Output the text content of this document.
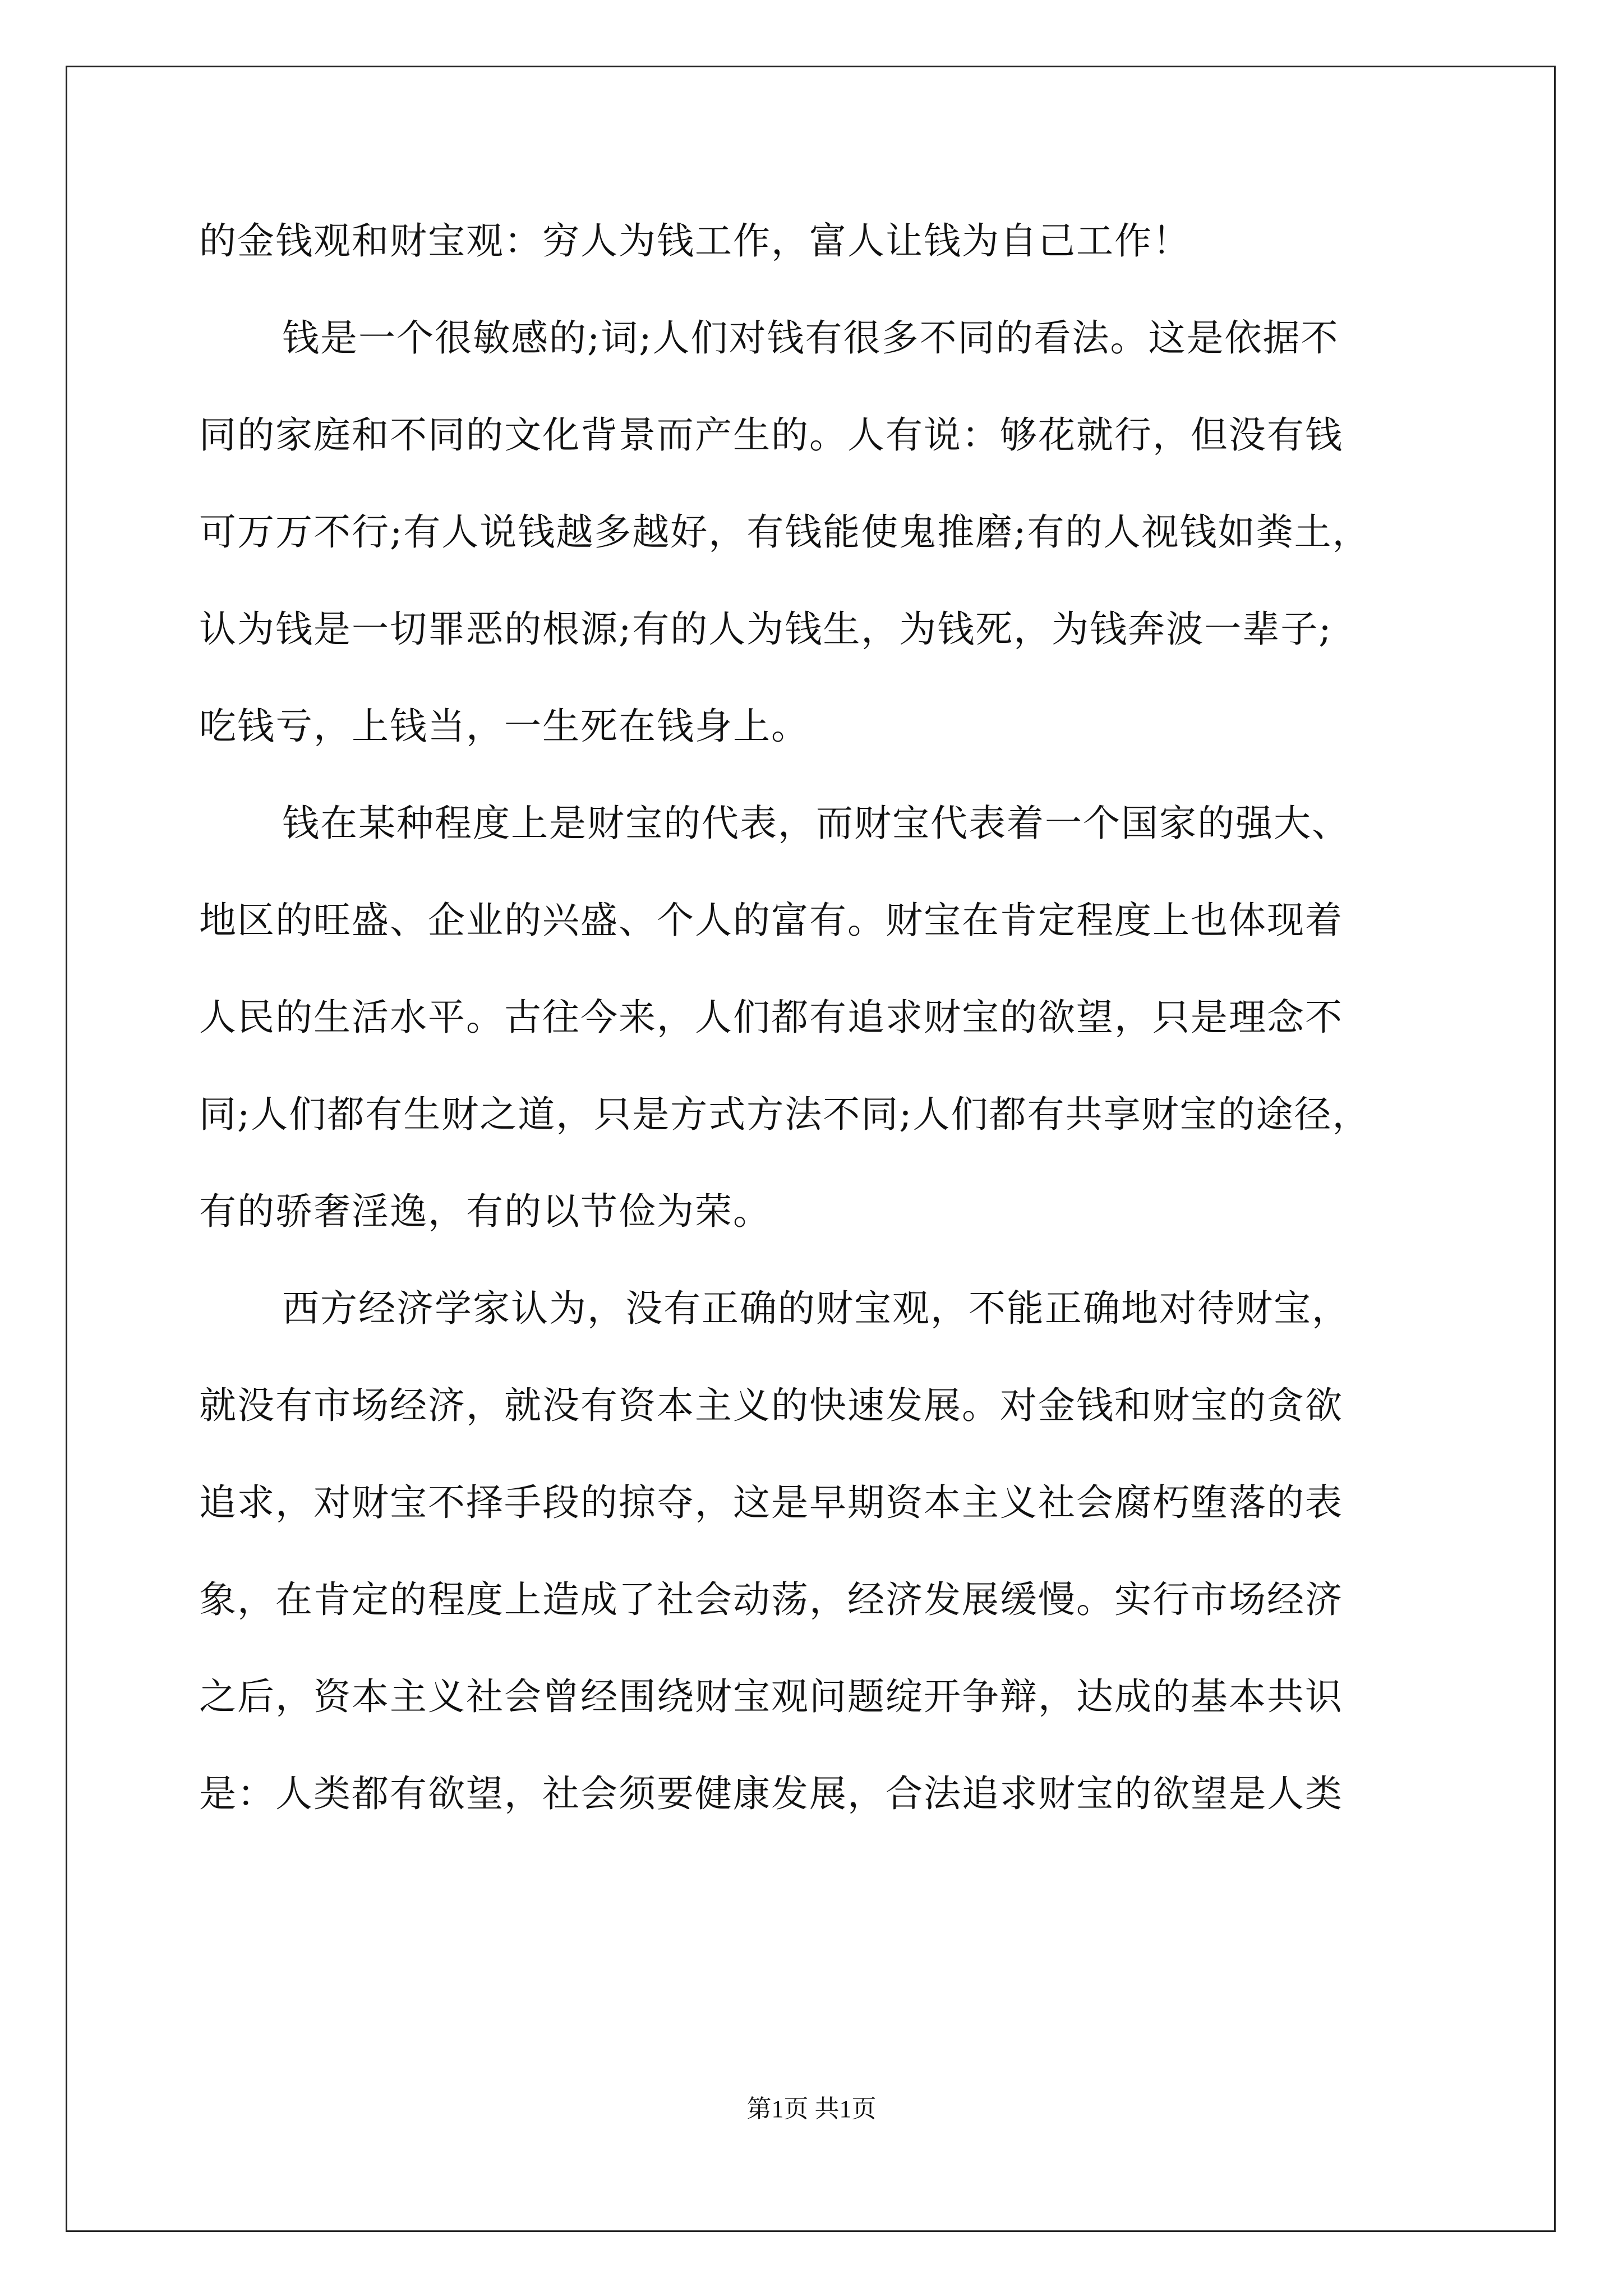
的金钱观和财宝观：穷人为钱工作，富人让钱为自己工作！
钱是一个很敏感的;词;人们对钱有很多不同的看法。这是依据不
同的家庭和不同的文化背景而产生的。人有说：够花就行，但没有钱
可万万不行;有人说钱越多越好，有钱能使鬼推磨;有的人视钱如粪土，
认为钱是一切罪恶的根源;有的人为钱生，为钱死，为钱奔波一辈子;
吃钱亏，上钱当，一生死在钱身上。
钱在某种程度上是财宝的代表，而财宝代表着一个国家的强大、
地区的旺盛、企业的兴盛、个人的富有。财宝在肯定程度上也体现着
人民的生活水平。古往今来，人们都有追求财宝的欲望，只是理念不
同;人们都有生财之道，只是方式方法不同;人们都有共享财宝的途径，
有的骄奢淫逸，有的以节俭为荣。
西方经济学家认为，没有正确的财宝观，不能正确地对待财宝，
就没有市场经济，就没有资本主义的快速发展。对金钱和财宝的贪欲
追求，对财宝不择手段的掠夺，这是早期资本主义社会腐朽堕落的表
象，在肯定的程度上造成了社会动荡，经济发展缓慢。实行市场经济
之后，资本主义社会曾经围绕财宝观问题绽开争辩，达成的基本共识
是：人类都有欲望，社会须要健康发展，合法追求财宝的欲望是人类
第1页 共1页
